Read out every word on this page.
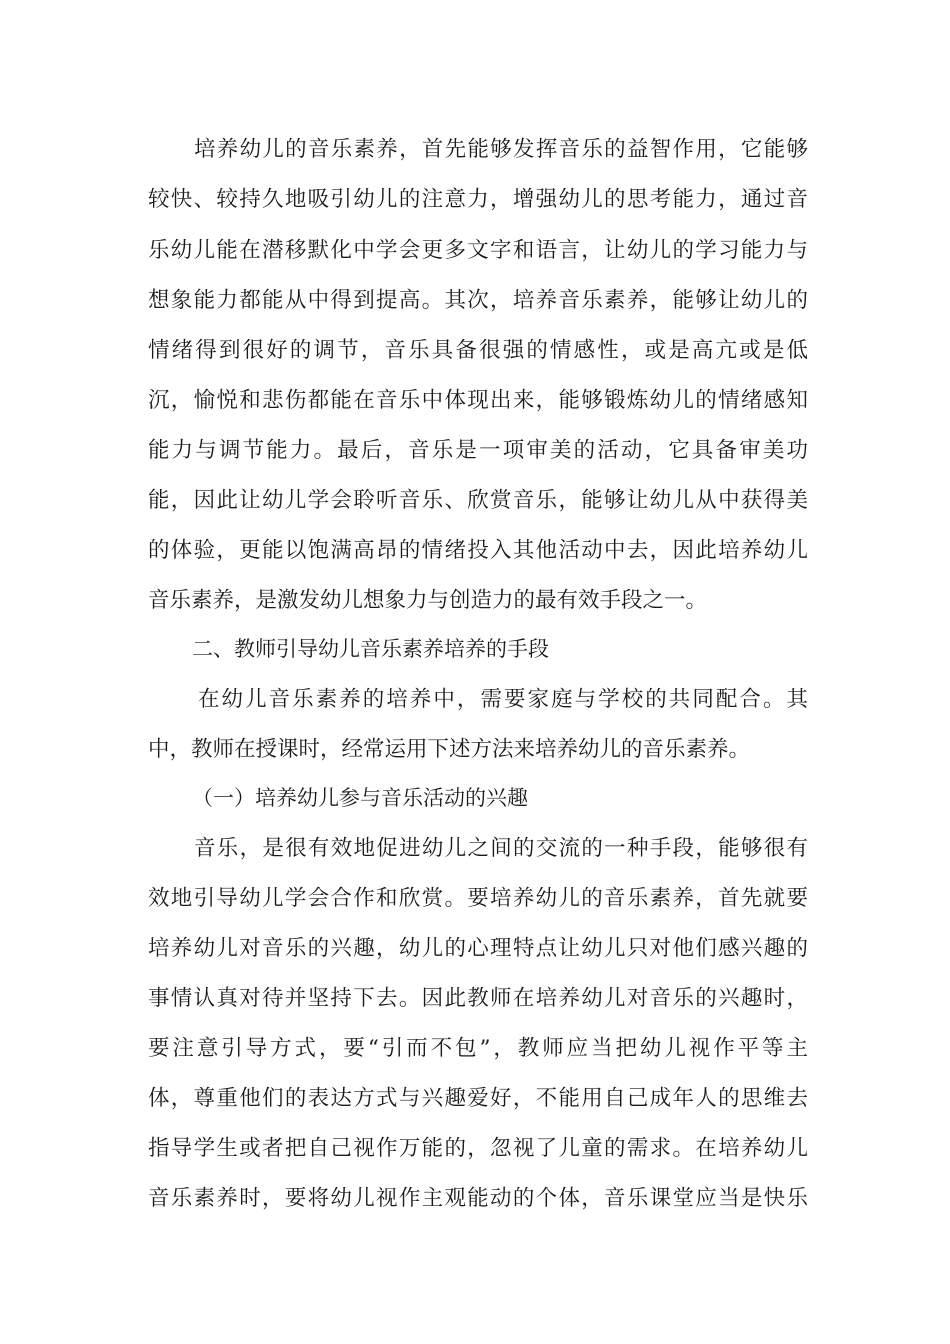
培养幼儿的音乐素养，首先能够发挥音乐的益智作用，它能够
较快、较持久地吸引幼儿的注意力，增强幼儿的思考能力，通过音
乐幼儿能在潜移默化中学会更多文字和语言，让幼儿的学习能力与
想象能力都能从中得到提高。其次，培养音乐素养，能够让幼儿的
情绪得到很好的调节，音乐具备很强的情感性，或是高亢或是低
沉，愉悦和悲伤都能在音乐中体现出来，能够锻炼幼儿的情绪感知
能力与调节能力。最后，音乐是一项审美的活动，它具备审美功
能，因此让幼儿学会聆听音乐、欣赏音乐，能够让幼儿从中获得美
的体验，更能以饱满高昂的情绪投入其他活动中去，因此培养幼儿
音乐素养，是激发幼儿想象力与创造力的最有效手段之一。
二、教师引导幼儿音乐素养培养的手段
在幼儿音乐素养的培养中，需要家庭与学校的共同配合。其
中，教师在授课时，经常运用下述方法来培养幼儿的音乐素养。
（一）培养幼儿参与音乐活动的兴趣
音乐，是很有效地促进幼儿之间的交流的一种手段，能够很有
效地引导幼儿学会合作和欣赏。要培养幼儿的音乐素养，首先就要
培养幼儿对音乐的兴趣，幼儿的心理特点让幼儿只对他们感兴趣的
事情认真对待并坚持下去。因此教师在培养幼儿对音乐的兴趣时，
要注意引导方式，要“引而不包”，教师应当把幼儿视作平等主
体，尊重他们的表达方式与兴趣爱好，不能用自己成年人的思维去
指导学生或者把自己视作万能的，忽视了儿童的需求。在培养幼儿
音乐素养时，要将幼儿视作主观能动的个体，音乐课堂应当是快乐
